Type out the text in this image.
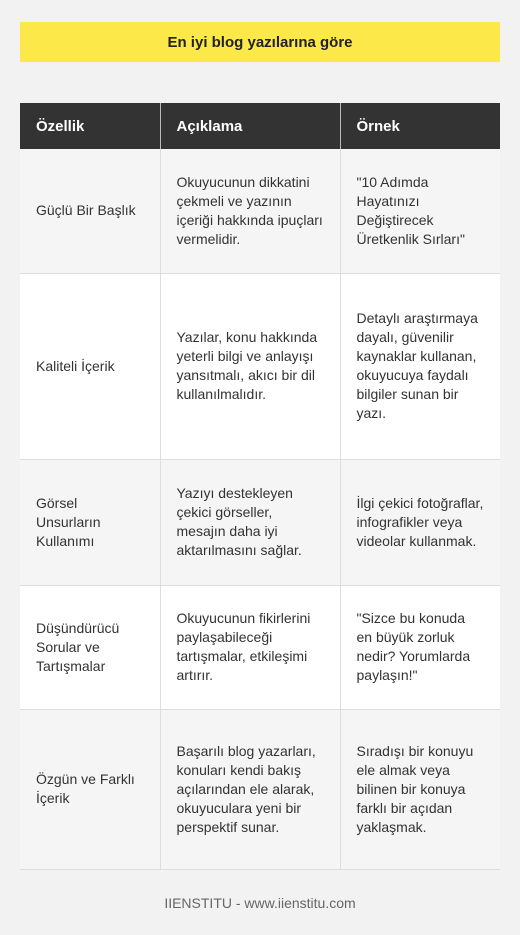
En iyi blog yazılarına göre
Özellik	Açıklama	Örnek
Güçlü Bir Başlık	Okuyucunun dikkatini çekmeli ve yazının içeriği hakkında ipuçları vermelidir.	"10 Adımda Hayatınızı Değiştirecek Üretkenlik Sırları"
Kaliteli İçerik	Yazılar, konu hakkında yeterli bilgi ve anlayışı yansıtmalı, akıcı bir dil kullanılmalıdır.	Detaylı araştırmaya dayalı, güvenilir kaynaklar kullanan, okuyucuya faydalı bilgiler sunan bir yazı.
Görsel Unsurların Kullanımı	Yazıyı destekleyen çekici görseller, mesajın daha iyi aktarılmasını sağlar.	İlgi çekici fotoğraflar, infografikler veya videolar kullanmak.
Düşündürücü Sorular ve Tartışmalar	Okuyucunun fikirlerini paylaşabileceği tartışmalar, etkileşimi artırır.	"Sizce bu konuda en büyük zorluk nedir? Yorumlarda paylaşın!"
Özgün ve Farklı İçerik	Başarılı blog yazarları, konuları kendi bakış açılarından ele alarak, okuyuculara yeni bir perspektif sunar.	Sıradışı bir konuyu ele almak veya bilinen bir konuya farklı bir açıdan yaklaşmak.
IIENSTITU - www.iienstitu.com
